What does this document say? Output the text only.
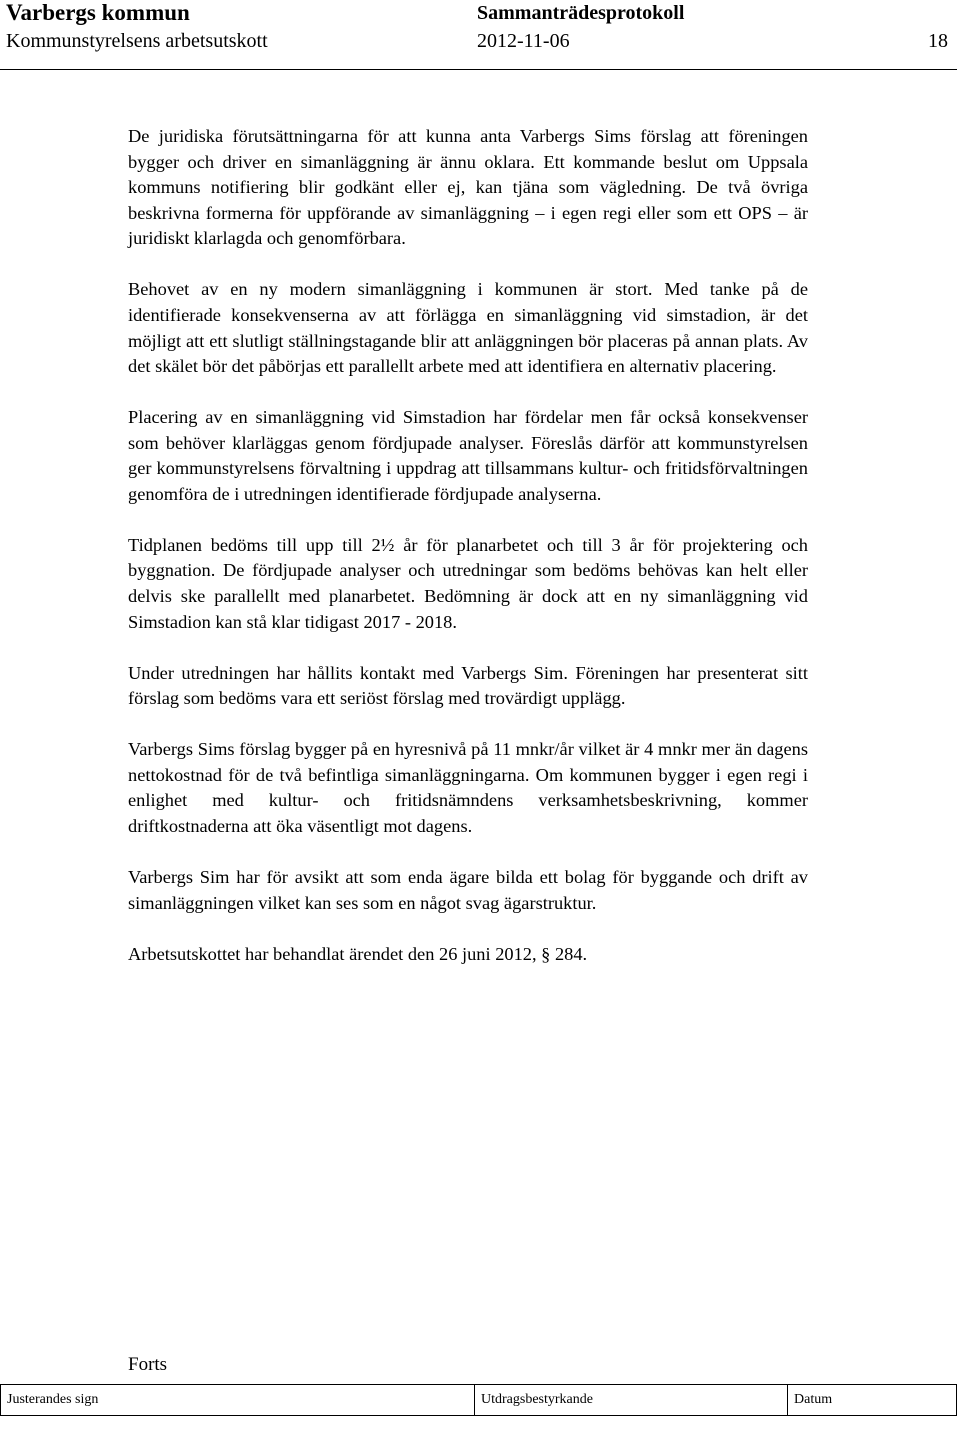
Varbergs kommun	Sammanträdesprotokoll
Kommunstyrelsens arbetsutskott	2012-11-06	18

De juridiska förutsättningarna för att kunna anta Varbergs Sims förslag att föreningen bygger och driver en simanläggning är ännu oklara. Ett kommande beslut om Uppsala kommuns notifiering blir godkänt eller ej, kan tjäna som vägledning. De två övriga beskrivna formerna för uppförande av simanläggning – i egen regi eller som ett OPS – är juridiskt klarlagda och genomförbara.

Behovet av en ny modern simanläggning i kommunen är stort. Med tanke på de identifierade konsekvenserna av att förlägga en simanläggning vid simstadion, är det möjligt att ett slutligt ställningstagande blir att anläggningen bör placeras på annan plats. Av det skälet bör det påbörjas ett parallellt arbete med att identifiera en alternativ placering.

Placering av en simanläggning vid Simstadion har fördelar men får också konsekvenser som behöver klarläggas genom fördjupade analyser. Föreslås därför att kommunstyrelsen ger kommunstyrelsens förvaltning i uppdrag att tillsammans kultur- och fritidsförvaltningen genomföra de i utredningen identifierade fördjupade analyserna.

Tidplanen bedöms till upp till 2½ år för planarbetet och till 3 år för projektering och byggnation. De fördjupade analyser och utredningar som bedöms behövas kan helt eller delvis ske parallellt med planarbetet. Bedömning är dock att en ny simanläggning vid Simstadion kan stå klar tidigast 2017 - 2018.

Under utredningen har hållits kontakt med Varbergs Sim. Föreningen har presenterat sitt förslag som bedöms vara ett seriöst förslag med trovärdigt upplägg.

Varbergs Sims förslag bygger på en hyresnivå på 11 mnkr/år vilket är 4 mnkr mer än dagens nettokostnad för de två befintliga simanläggningarna. Om kommunen bygger i egen regi i enlighet med kultur- och fritidsnämndens verksamhetsbeskrivning, kommer driftkostnaderna att öka väsentligt mot dagens.

Varbergs Sim har för avsikt att som enda ägare bilda ett bolag för byggande och drift av simanläggningen vilket kan ses som en något svag ägarstruktur.

Arbetsutskottet har behandlat ärendet den 26 juni 2012, § 284.

Forts
Justerandes sign	Utdragsbestyrkande	Datum
